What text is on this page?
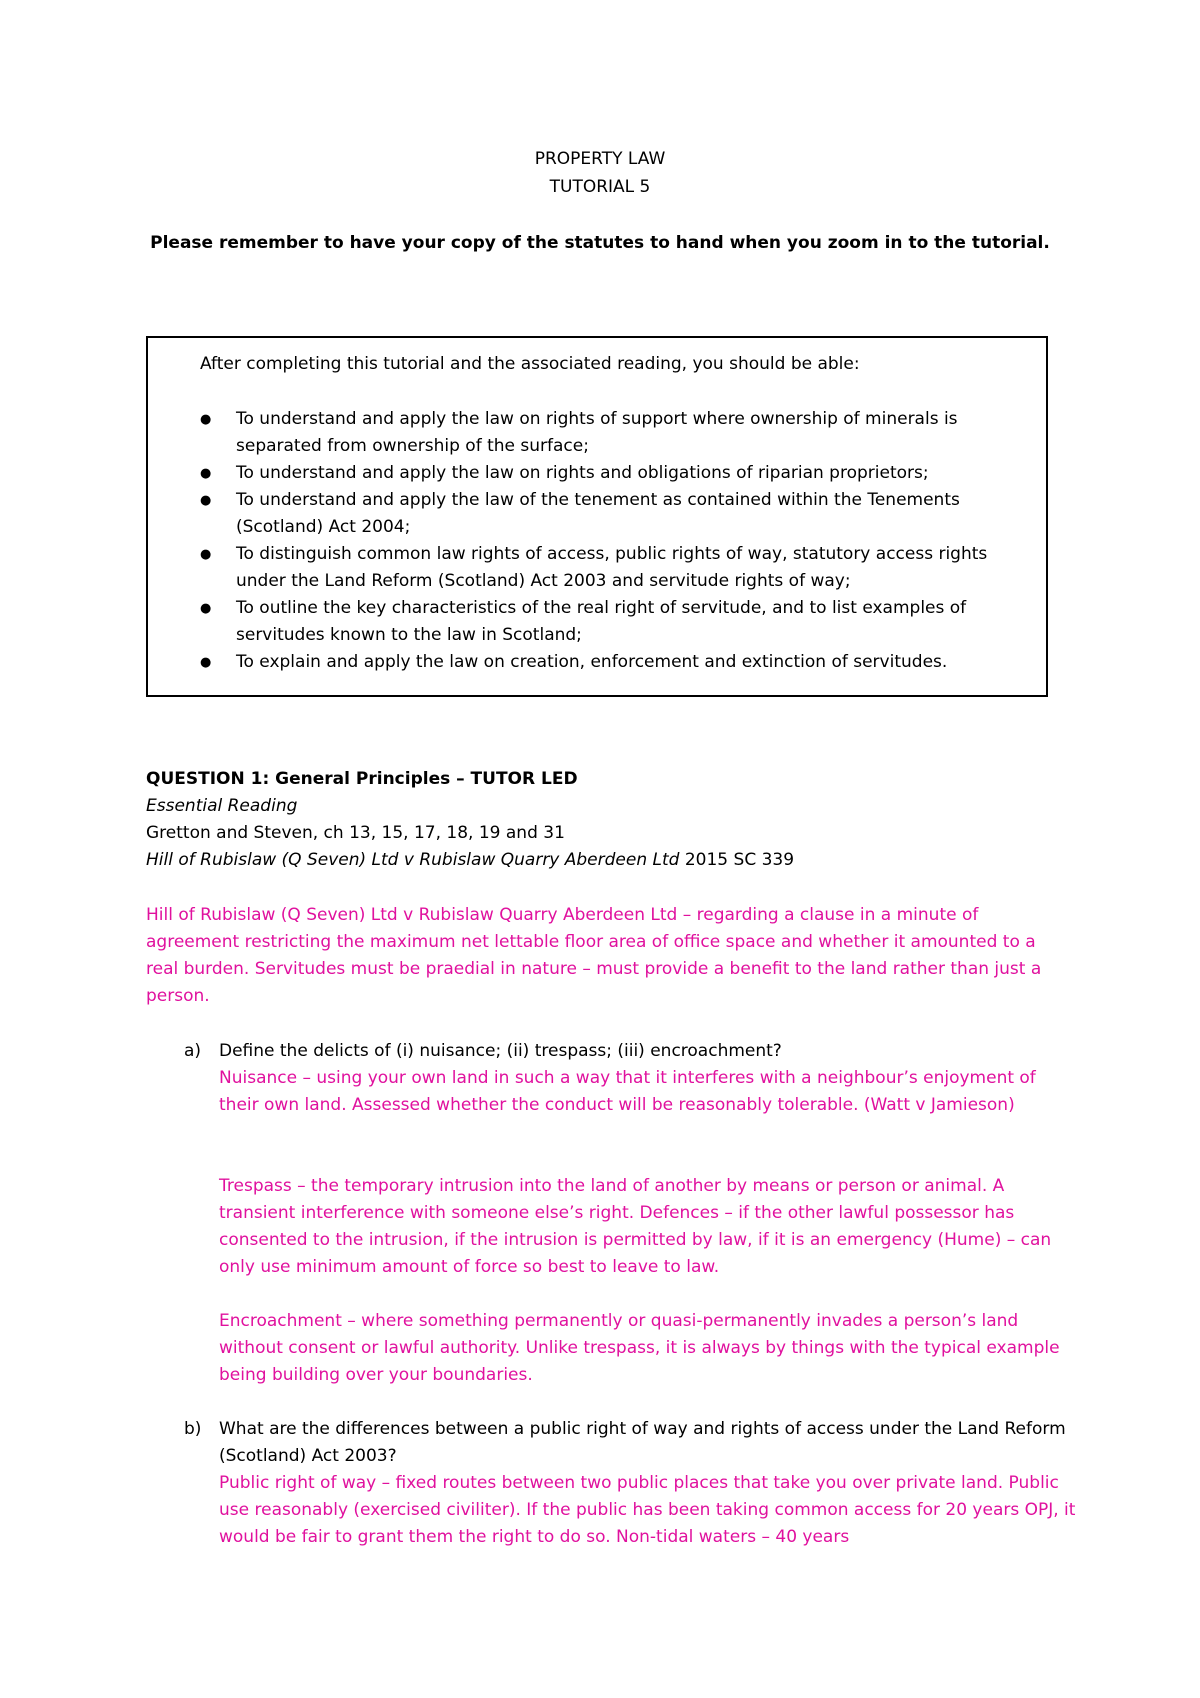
PROPERTY LAW
TUTORIAL 5
Please remember to have your copy of the statutes to hand when you zoom in to the tutorial.
After completing this tutorial and the associated reading, you should be able:
● To understand and apply the law on rights of support where ownership of minerals is separated from ownership of the surface;
● To understand and apply the law on rights and obligations of riparian proprietors;
● To understand and apply the law of the tenement as contained within the Tenements (Scotland) Act 2004;
● To distinguish common law rights of access, public rights of way, statutory access rights under the Land Reform (Scotland) Act 2003 and servitude rights of way;
● To outline the key characteristics of the real right of servitude, and to list examples of servitudes known to the law in Scotland;
● To explain and apply the law on creation, enforcement and extinction of servitudes.
QUESTION 1: General Principles – TUTOR LED
Essential Reading
Gretton and Steven, ch 13, 15, 17, 18, 19 and 31
Hill of Rubislaw (Q Seven) Ltd v Rubislaw Quarry Aberdeen Ltd 2015 SC 339
Hill of Rubislaw (Q Seven) Ltd v Rubislaw Quarry Aberdeen Ltd – regarding a clause in a minute of agreement restricting the maximum net lettable floor area of office space and whether it amounted to a real burden. Servitudes must be praedial in nature – must provide a benefit to the land rather than just a person.
a) Define the delicts of (i) nuisance; (ii) trespass; (iii) encroachment?
Nuisance – using your own land in such a way that it interferes with a neighbour’s enjoyment of their own land. Assessed whether the conduct will be reasonably tolerable. (Watt v Jamieson)
Trespass – the temporary intrusion into the land of another by means or person or animal. A transient interference with someone else’s right. Defences – if the other lawful possessor has consented to the intrusion, if the intrusion is permitted by law, if it is an emergency (Hume) – can only use minimum amount of force so best to leave to law.
Encroachment – where something permanently or quasi-permanently invades a person’s land without consent or lawful authority. Unlike trespass, it is always by things with the typical example being building over your boundaries.
b) What are the differences between a public right of way and rights of access under the Land Reform (Scotland) Act 2003?
Public right of way – fixed routes between two public places that take you over private land. Public use reasonably (exercised civiliter). If the public has been taking common access for 20 years OPJ, it would be fair to grant them the right to do so. Non-tidal waters – 40 years
